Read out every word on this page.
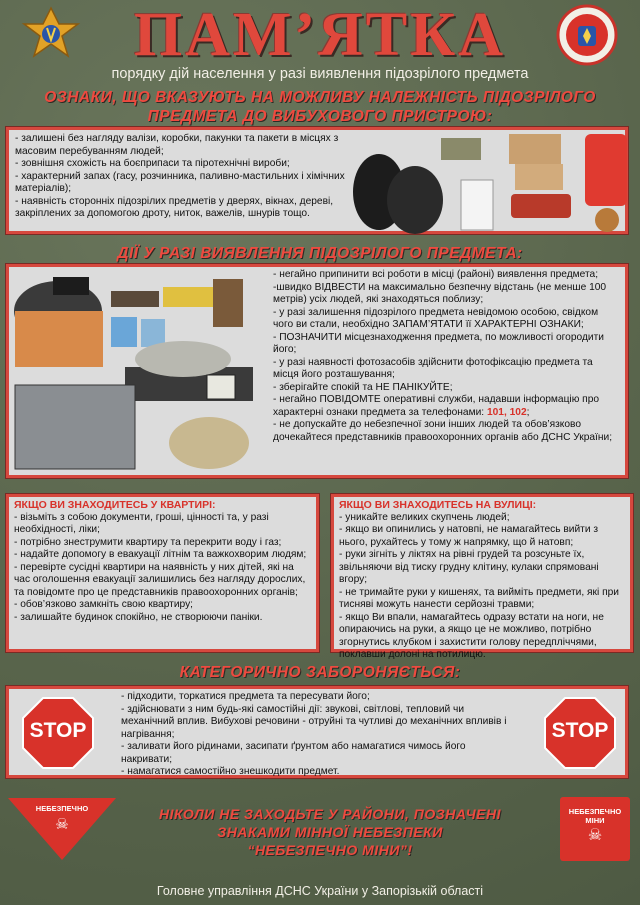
ПАМ’ЯТКА
порядку дій населення у разі виявлення підозрілого предмета
ОЗНАКИ, ЩО ВКАЗУЮТЬ НА МОЖЛИВУ НАЛЕЖНІСТЬ ПІДОЗРІЛОГО
ПРЕДМЕТА ДО ВИБУХОВОГО ПРИСТРОЮ:
- залишені без нагляду валізи, коробки, пакунки та пакети в місцях з масовим перебуванням людей;
- зовнішня схожість на боєприпаси та піротехнічні вироби;
- характерний запах (гасу, розчинника, паливно-мастильних і хімічних матеріалів);
- наявність сторонніх підозрілих предметів у дверях, вікнах, дереві, закріплених за допомогою дроту, ниток, важелів, шнурів тощо.
ДІЇ У РАЗІ ВИЯВЛЕННЯ ПІДОЗРІЛОГО ПРЕДМЕТА:
- негайно припинити всі роботи в місці (районі) виявлення предмета;
-швидко ВІДВЕСТИ на максимально безпечну відстань (не менше 100 метрів) усіх людей, які знаходяться поблизу;
- у разі залишення підозрілого предмета невідомою особою, свідком чого ви стали, необхідно ЗАПАМ’ЯТАТИ її ХАРАКТЕРНІ ОЗНАКИ;
- ПОЗНАЧИТИ місцезнаходження предмета, по можливості огородити його;
- у разі наявності фотозасобів здійснити фотофіксацію предмета та місця його розташування;
- зберігайте спокій та НЕ ПАНІКУЙТЕ;
- негайно ПОВІДОМТЕ оперативні служби, надавши інформацію про характерні ознаки предмета за телефонами: 101, 102;
- не допускайте до небезпечної зони інших людей та обов’язково дочекайтеся представників правоохоронних органів або ДСНС України;
ЯКЩО ВИ ЗНАХОДИТЕСЬ У КВАРТИРІ:
- візьміть з собою документи, гроші, цінності та, у разі необхідності, ліки;
- потрібно знеструмити квартиру та перекрити воду і газ;
- надайте допомогу в евакуації літнім та важкохворим людям;
- перевірте сусідні квартири на наявність у них дітей, які на час оголошення евакуації залишились без нагляду дорослих, та повідомте про це представників правоохоронних органів;
- обов’язково замкніть свою квартиру;
- залишайте будинок спокійно, не створюючи паніки.
ЯКЩО ВИ ЗНАХОДИТЕСЬ НА ВУЛИЦІ:
- уникайте великих скупчень людей;
- якщо ви опинились у натовпі, не намагайтесь вийти з нього, рухайтесь у тому ж напрямку, що й натовп;
- руки зігніть у ліктях на рівні грудей та розсуньте їх, звільняючи від тиску грудну клітину, кулаки спрямовані вгору;
- не тримайте руки у кишенях, та вийміть предмети, які при тисняві можуть нанести серйозні травми;
- якщо Ви впали, намагайтесь одразу встати на ноги, не опираючись на руки, а якщо це не можливо, потрібно згорнутись клубком і захистити голову передпліччями, поклавши долоні на потилицю.
КАТЕГОРИЧНО ЗАБОРОНЯЄТЬСЯ:
- підходити, торкатися предмета та пересувати його;
- здійснювати з ним будь-які самостійні дії: звукові, світлові, тепловий чи механічний вплив. Вибухові речовини - отруйні та чутливі до механічних впливів і нагрівання;
- заливати його рідинами, засипати ґрунтом або намагатися чимось його накривати;
- намагатися самостійно знешкодити предмет.
STOP	STOP
НЕБЕЗПЕЧНО
☠
НЕБЕЗПЕЧНО
МІНИ
☠
НІКОЛИ НЕ ЗАХОДЬТЕ У РАЙОНИ, ПОЗНАЧЕНІ
ЗНАКАМИ МІННОЇ НЕБЕЗПЕКИ
“НЕБЕЗПЕЧНО МІНИ”!
Головне управління ДСНС України у Запорізькій області
